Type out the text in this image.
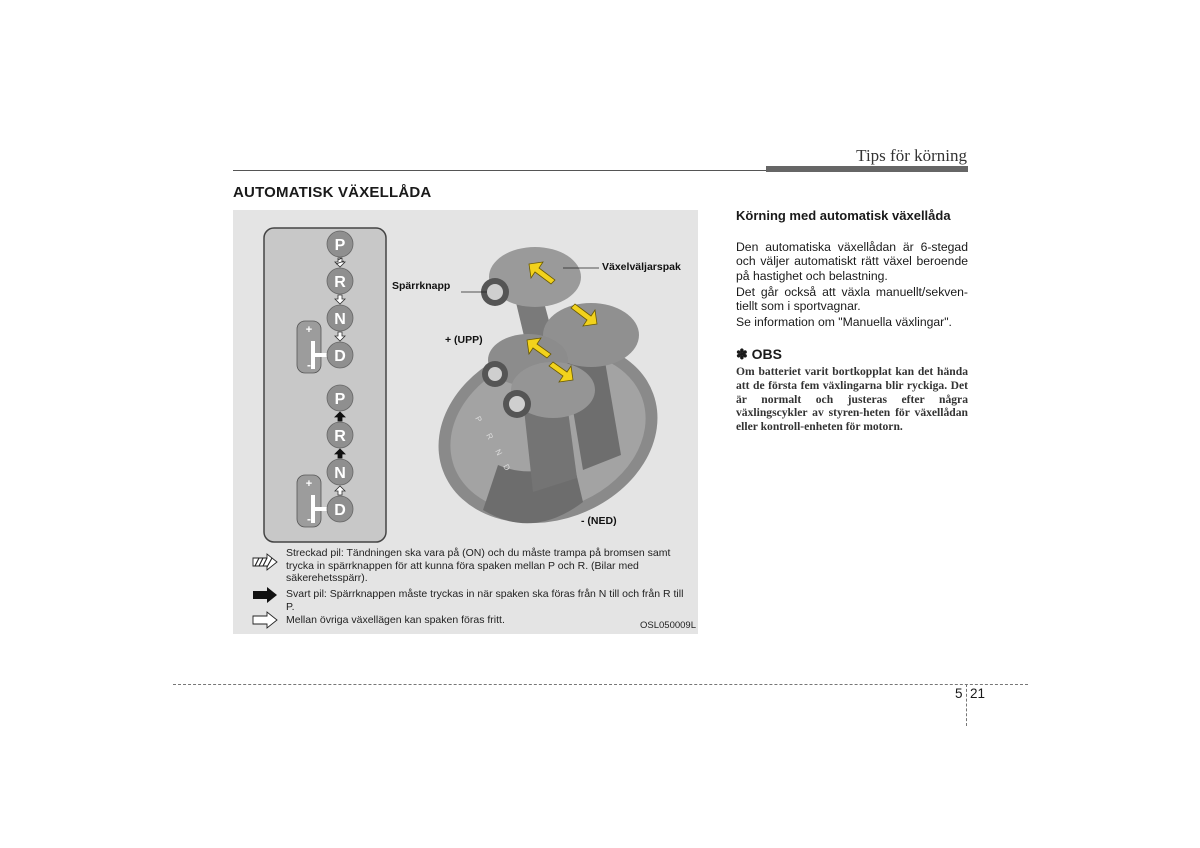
Tips för körning
AUTOMATISK VÄXELLÅDA
+
-
P
R
N
D
+
-
P
R
N
D
P
R
N
D
Växelväljarspak
Spärrknapp
+ (UPP)
- (NED)
Streckad pil: Tändningen ska vara på (ON) och du måste trampa på bromsen samt trycka in spärrknappen för att kunna föra spaken mellan P och R. (Bilar med säkerehetsspärr).
Svart pil: Spärrknappen måste tryckas in när spaken ska föras från N till och från R till P.
Mellan övriga växellägen kan spaken föras fritt.	OSL050009L
Körning med automatisk växellåda
Den automatiska växellådan är 6-stegad och väljer automatiskt rätt växel beroende på hastighet och belastning.
Det går också att växla manuellt/sekven-tiellt som i sportvagnar.
Se information om "Manuella växlingar".
✽ OBS
Om batteriet varit bortkopplat kan det hända att de första fem växlingarna blir ryckiga. Det är normalt och justeras efter några växlingscykler av styren-heten för växellådan eller kontroll-enheten för motorn.
5 21
